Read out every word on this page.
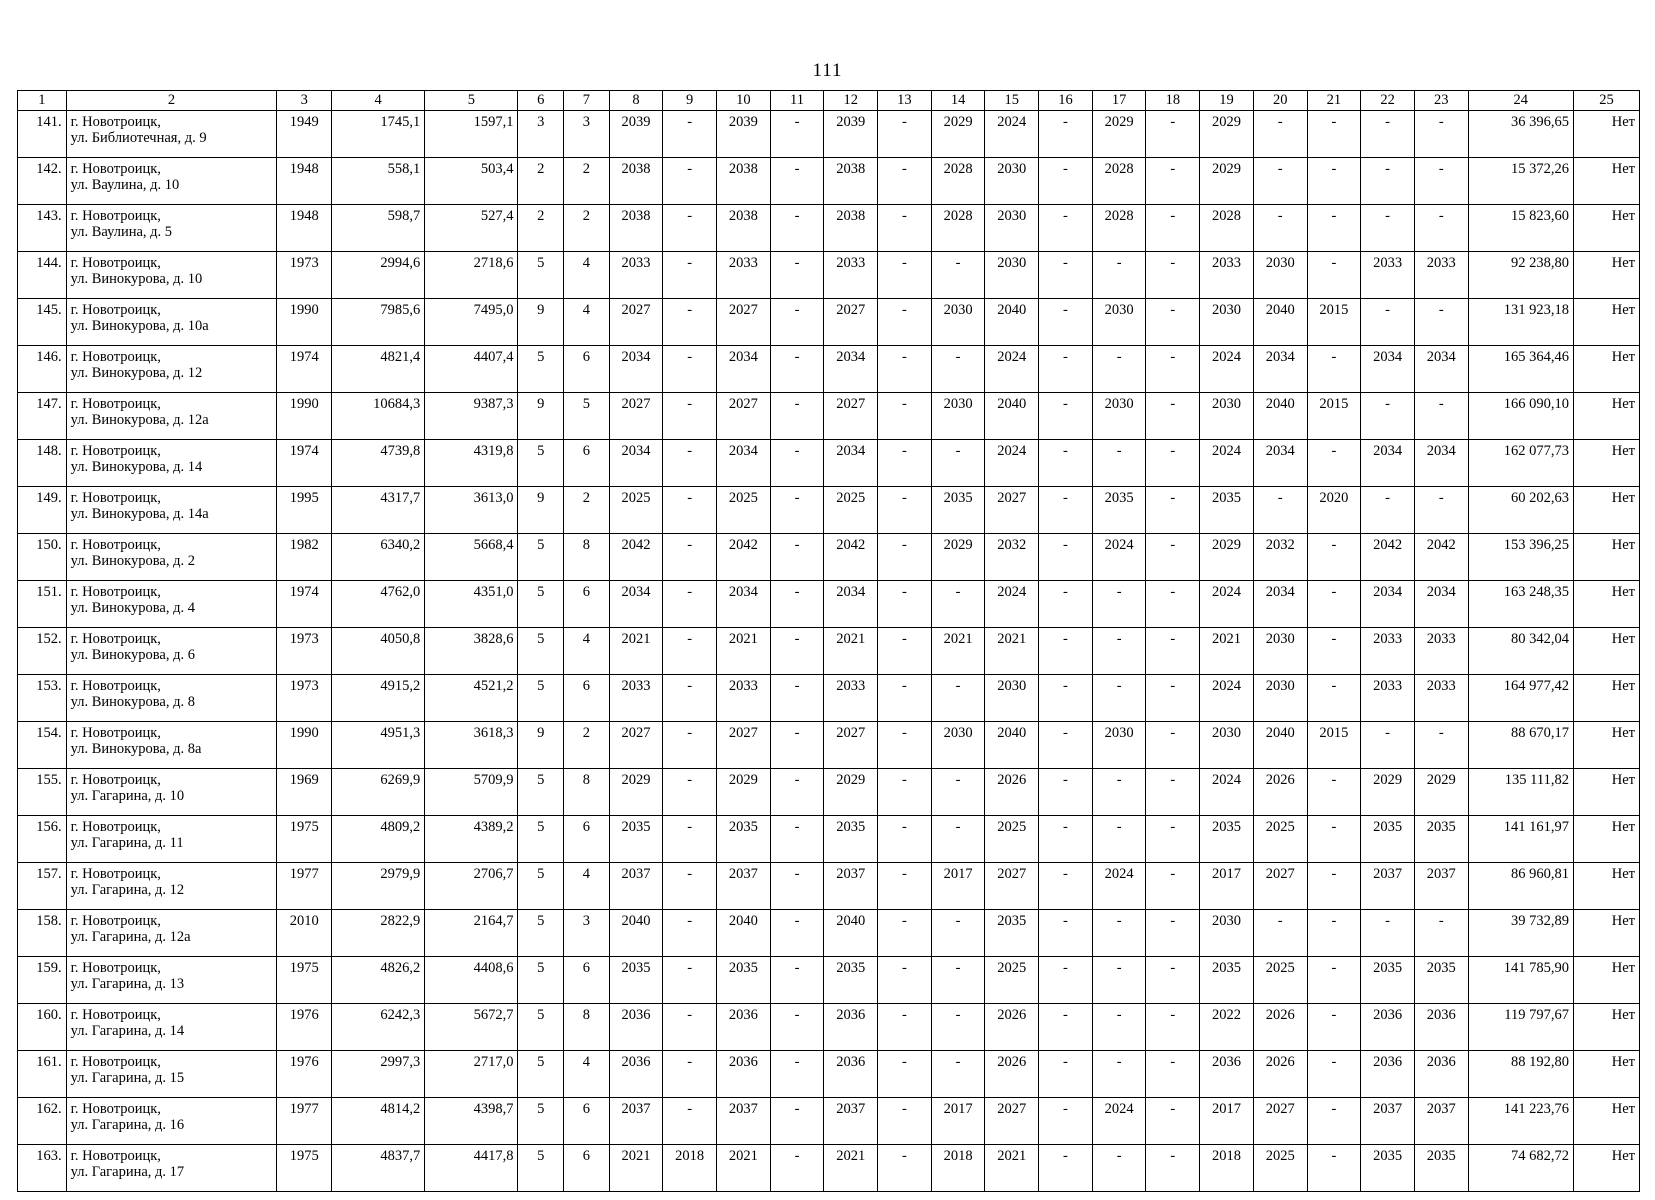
111
1	2	3	4	5	6	7	8	9	10	11	12	13	14	15	16	17	18	19	20	21	22	23	24	25
141.	г. Новотроицк,
ул. Библиотечная, д. 9	1949	1745,1	1597,1	3	3	2039	-	2039	-	2039	-	2029	2024	-	2029	-	2029	-	-	-	-	36 396,65	Нет
142.	г. Новотроицк,
ул. Ваулина, д. 10	1948	558,1	503,4	2	2	2038	-	2038	-	2038	-	2028	2030	-	2028	-	2029	-	-	-	-	15 372,26	Нет
143.	г. Новотроицк,
ул. Ваулина, д. 5	1948	598,7	527,4	2	2	2038	-	2038	-	2038	-	2028	2030	-	2028	-	2028	-	-	-	-	15 823,60	Нет
144.	г. Новотроицк,
ул. Винокурова, д. 10	1973	2994,6	2718,6	5	4	2033	-	2033	-	2033	-	-	2030	-	-	-	2033	2030	-	2033	2033	92 238,80	Нет
145.	г. Новотроицк,
ул. Винокурова, д. 10а	1990	7985,6	7495,0	9	4	2027	-	2027	-	2027	-	2030	2040	-	2030	-	2030	2040	2015	-	-	131 923,18	Нет
146.	г. Новотроицк,
ул. Винокурова, д. 12	1974	4821,4	4407,4	5	6	2034	-	2034	-	2034	-	-	2024	-	-	-	2024	2034	-	2034	2034	165 364,46	Нет
147.	г. Новотроицк,
ул. Винокурова, д. 12а	1990	10684,3	9387,3	9	5	2027	-	2027	-	2027	-	2030	2040	-	2030	-	2030	2040	2015	-	-	166 090,10	Нет
148.	г. Новотроицк,
ул. Винокурова, д. 14	1974	4739,8	4319,8	5	6	2034	-	2034	-	2034	-	-	2024	-	-	-	2024	2034	-	2034	2034	162 077,73	Нет
149.	г. Новотроицк,
ул. Винокурова, д. 14а	1995	4317,7	3613,0	9	2	2025	-	2025	-	2025	-	2035	2027	-	2035	-	2035	-	2020	-	-	60 202,63	Нет
150.	г. Новотроицк,
ул. Винокурова, д. 2	1982	6340,2	5668,4	5	8	2042	-	2042	-	2042	-	2029	2032	-	2024	-	2029	2032	-	2042	2042	153 396,25	Нет
151.	г. Новотроицк,
ул. Винокурова, д. 4	1974	4762,0	4351,0	5	6	2034	-	2034	-	2034	-	-	2024	-	-	-	2024	2034	-	2034	2034	163 248,35	Нет
152.	г. Новотроицк,
ул. Винокурова, д. 6	1973	4050,8	3828,6	5	4	2021	-	2021	-	2021	-	2021	2021	-	-	-	2021	2030	-	2033	2033	80 342,04	Нет
153.	г. Новотроицк,
ул. Винокурова, д. 8	1973	4915,2	4521,2	5	6	2033	-	2033	-	2033	-	-	2030	-	-	-	2024	2030	-	2033	2033	164 977,42	Нет
154.	г. Новотроицк,
ул. Винокурова, д. 8а	1990	4951,3	3618,3	9	2	2027	-	2027	-	2027	-	2030	2040	-	2030	-	2030	2040	2015	-	-	88 670,17	Нет
155.	г. Новотроицк,
ул. Гагарина, д. 10	1969	6269,9	5709,9	5	8	2029	-	2029	-	2029	-	-	2026	-	-	-	2024	2026	-	2029	2029	135 111,82	Нет
156.	г. Новотроицк,
ул. Гагарина, д. 11	1975	4809,2	4389,2	5	6	2035	-	2035	-	2035	-	-	2025	-	-	-	2035	2025	-	2035	2035	141 161,97	Нет
157.	г. Новотроицк,
ул. Гагарина, д. 12	1977	2979,9	2706,7	5	4	2037	-	2037	-	2037	-	2017	2027	-	2024	-	2017	2027	-	2037	2037	86 960,81	Нет
158.	г. Новотроицк,
ул. Гагарина, д. 12а	2010	2822,9	2164,7	5	3	2040	-	2040	-	2040	-	-	2035	-	-	-	2030	-	-	-	-	39 732,89	Нет
159.	г. Новотроицк,
ул. Гагарина, д. 13	1975	4826,2	4408,6	5	6	2035	-	2035	-	2035	-	-	2025	-	-	-	2035	2025	-	2035	2035	141 785,90	Нет
160.	г. Новотроицк,
ул. Гагарина, д. 14	1976	6242,3	5672,7	5	8	2036	-	2036	-	2036	-	-	2026	-	-	-	2022	2026	-	2036	2036	119 797,67	Нет
161.	г. Новотроицк,
ул. Гагарина, д. 15	1976	2997,3	2717,0	5	4	2036	-	2036	-	2036	-	-	2026	-	-	-	2036	2026	-	2036	2036	88 192,80	Нет
162.	г. Новотроицк,
ул. Гагарина, д. 16	1977	4814,2	4398,7	5	6	2037	-	2037	-	2037	-	2017	2027	-	2024	-	2017	2027	-	2037	2037	141 223,76	Нет
163.	г. Новотроицк,
ул. Гагарина, д. 17	1975	4837,7	4417,8	5	6	2021	2018	2021	-	2021	-	2018	2021	-	-	-	2018	2025	-	2035	2035	74 682,72	Нет
